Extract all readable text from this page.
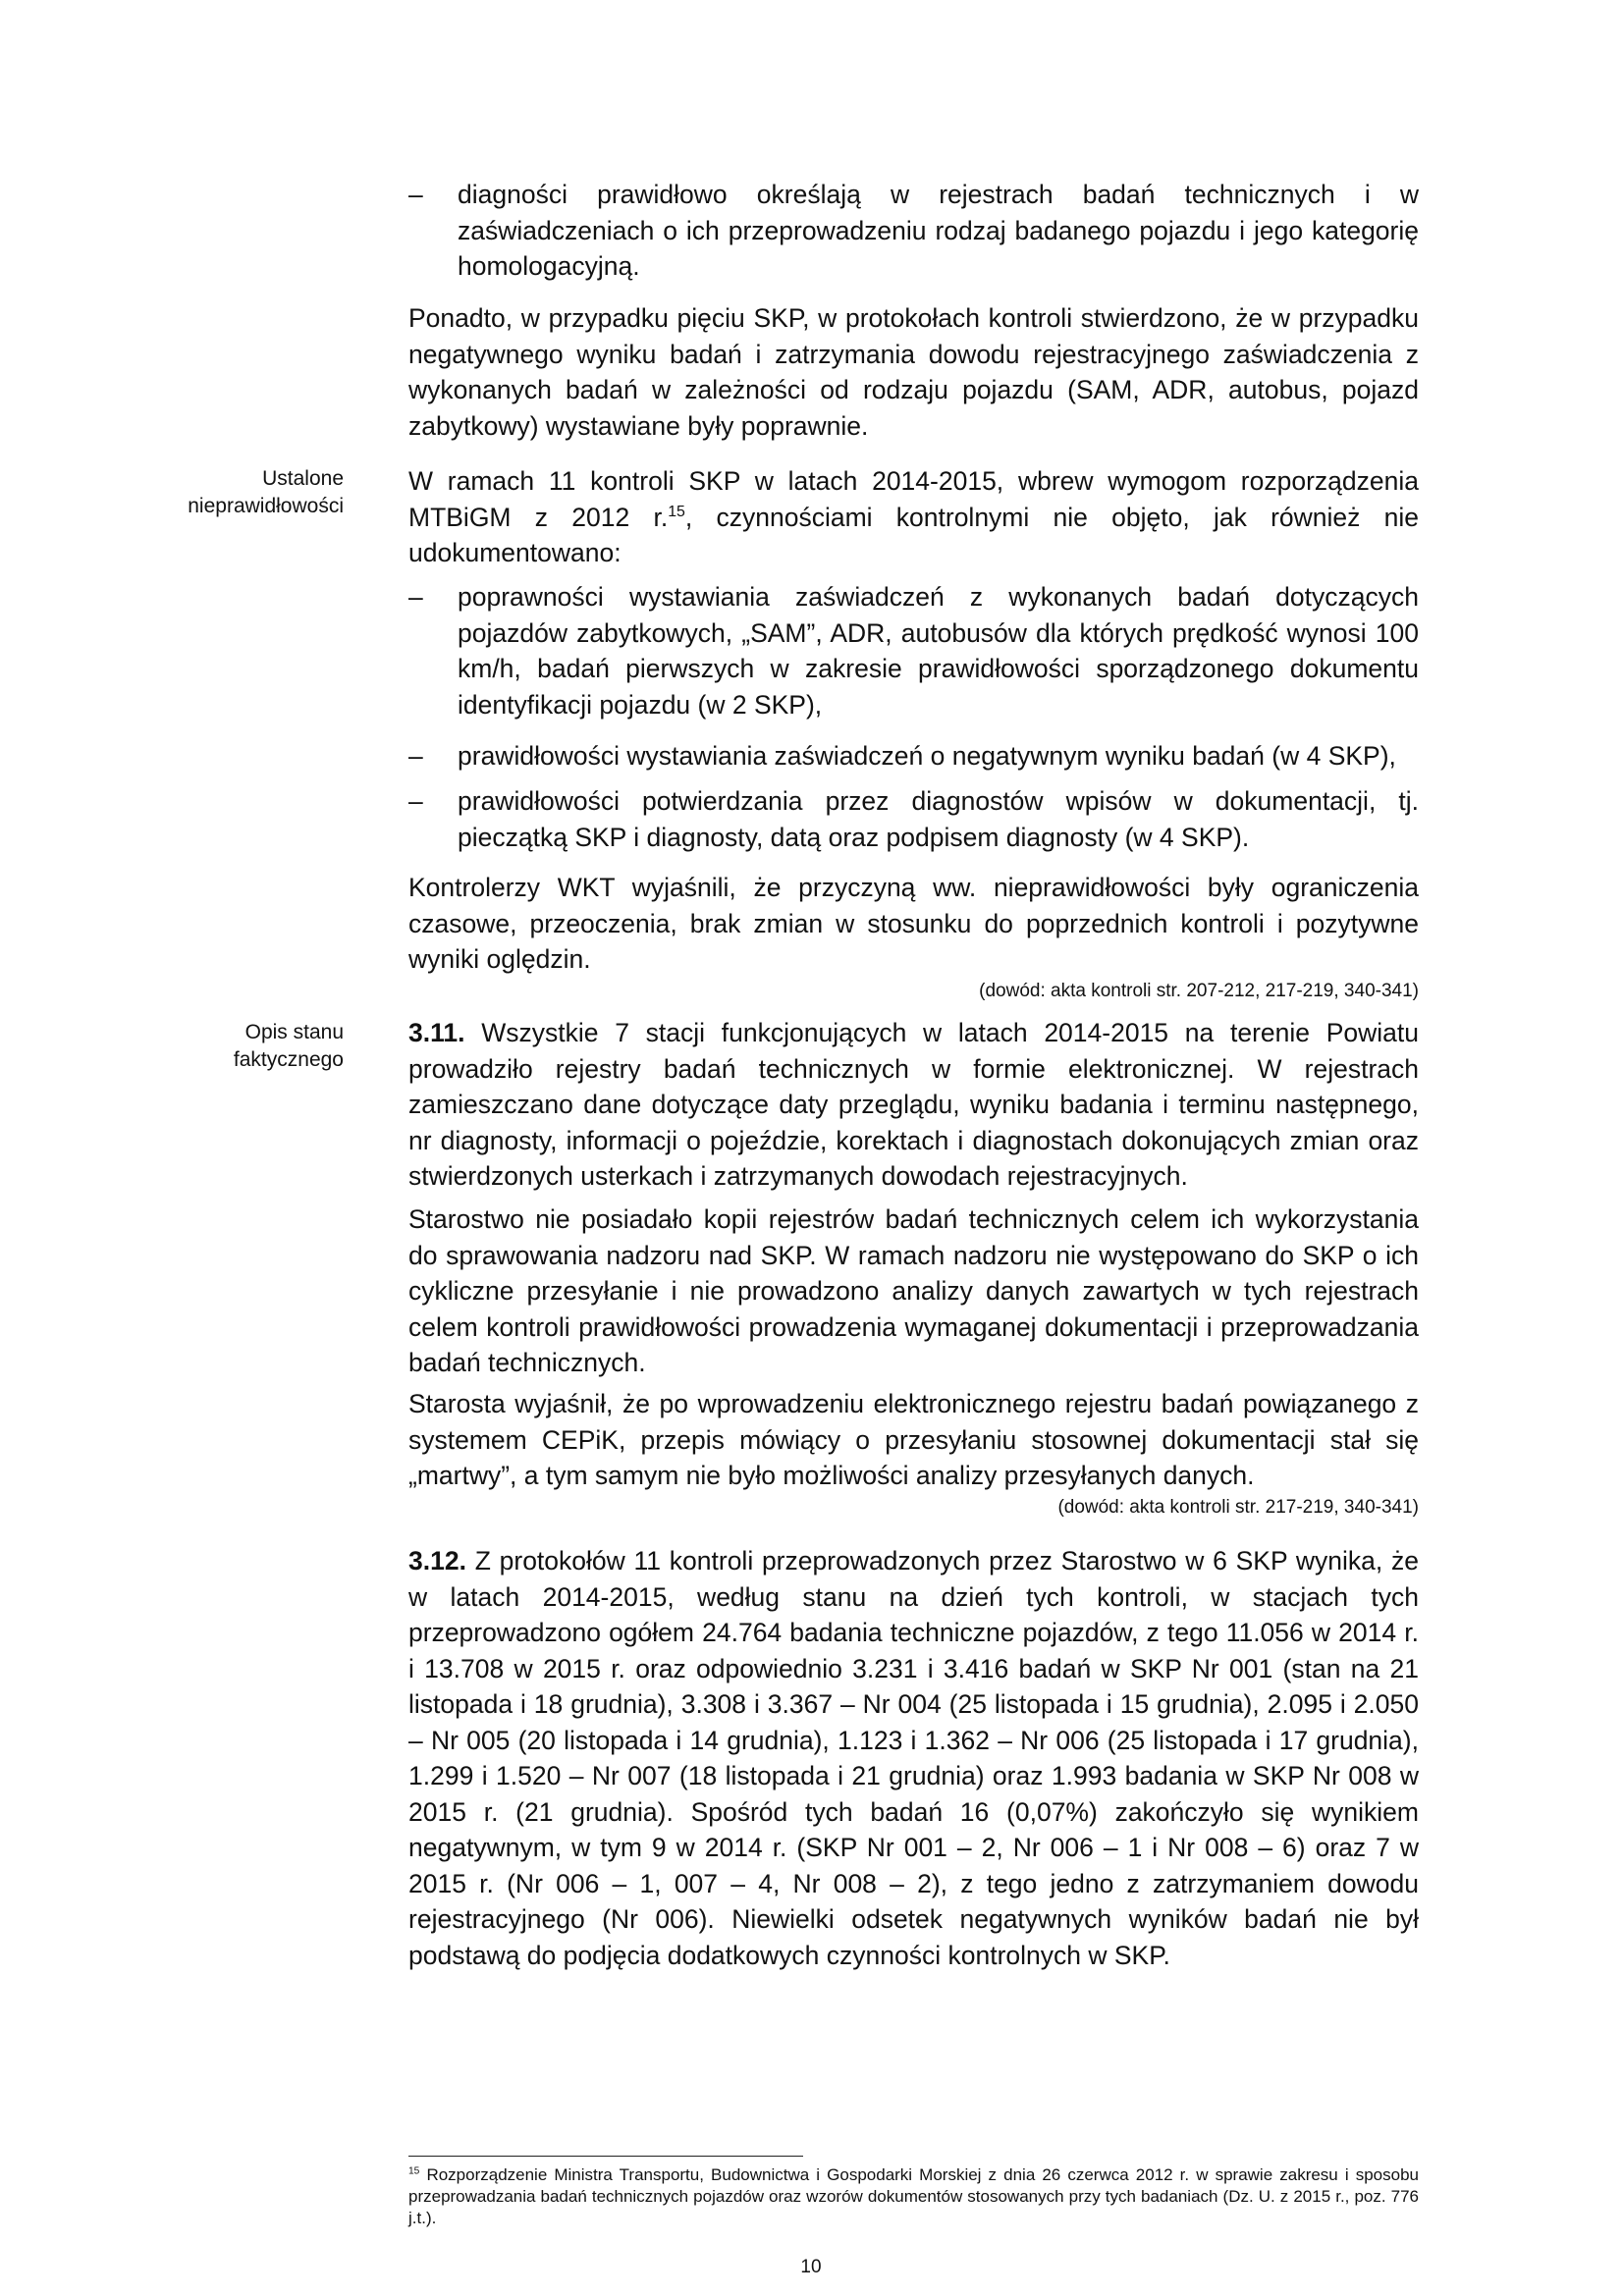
– diagności prawidłowo określają w rejestrach badań technicznych i w zaświadczeniach o ich przeprowadzeniu rodzaj badanego pojazdu i jego kategorię homologacyjną.

Ponadto, w przypadku pięciu SKP, w protokołach kontroli stwierdzono, że w przypadku negatywnego wyniku badań i zatrzymania dowodu rejestracyjnego zaświadczenia z wykonanych badań w zależności od rodzaju pojazdu (SAM, ADR, autobus, pojazd zabytkowy) wystawiane były poprawnie.

Ustalone nieprawidłowości

W ramach 11 kontroli SKP w latach 2014-2015, wbrew wymogom rozporządzenia MTBiGM z 2012 r.$^{15}$, czynnościami kontrolnymi nie objęto, jak również nie udokumentowano:

– poprawności wystawiania zaświadczeń z wykonanych badań dotyczących pojazdów zabytkowych, „SAM”, ADR, autobusów dla których prędkość wynosi 100 km/h, badań pierwszych w zakresie prawidłowości sporządzonego dokumentu identyfikacji pojazdu (w 2 SKP),

– prawidłowości wystawiania zaświadczeń o negatywnym wyniku badań (w 4 SKP),

– prawidłowości potwierdzania przez diagnostów wpisów w dokumentacji, tj. pieczątką SKP i diagnosty, datą oraz podpisem diagnosty (w 4 SKP).

Kontrolerzy WKT wyjaśnili, że przyczyną ww. nieprawidłowości były ograniczenia czasowe, przeoczenia, brak zmian w stosunku do poprzednich kontroli i pozytywne wyniki oględzin.

(dowód: akta kontroli str. 207-212, 217-219, 340-341)
Opis stanu faktycznego

3.11. Wszystkie 7 stacji funkcjonujących w latach 2014-2015 na terenie Powiatu prowadziło rejestry badań technicznych w formie elektronicznej. W rejestrach zamieszczano dane dotyczące daty przeglądu, wyniku badania i terminu następnego, nr diagnosty, informacji o pojeździe, korektach i diagnostach dokonujących zmian oraz stwierdzonych usterkach i zatrzymanych dowodach rejestracyjnych.

Starostwo nie posiadało kopii rejestrów badań technicznych celem ich wykorzystania do sprawowania nadzoru nad SKP. W ramach nadzoru nie występowano do SKP o ich cykliczne przesyłanie i nie prowadzono analizy danych zawartych w tych rejestrach celem kontroli prawidłowości prowadzenia wymaganej dokumentacji i przeprowadzania badań technicznych.

Starosta wyjaśnił, że po wprowadzeniu elektronicznego rejestru badań powiązanego z systemem CEPiK, przepis mówiący o przesyłaniu stosownej dokumentacji stał się „martwy”, a tym samym nie było możliwości analizy przesyłanych danych.

(dowód: akta kontroli str. 217-219, 340-341)

3.12. Z protokołów 11 kontroli przeprowadzonych przez Starostwo w 6 SKP wynika, że w latach 2014-2015, według stanu na dzień tych kontroli, w stacjach tych przeprowadzono ogółem 24.764 badania techniczne pojazdów, z tego 11.056 w 2014 r. i 13.708 w 2015 r. oraz odpowiednio 3.231 i 3.416 badań w SKP Nr 001 (stan na 21 listopada i 18 grudnia), 3.308 i 3.367 – Nr 004 (25 listopada i 15 grudnia), 2.095 i 2.050 – Nr 005 (20 listopada i 14 grudnia), 1.123 i 1.362 – Nr 006 (25 listopada i 17 grudnia), 1.299 i 1.520 – Nr 007 (18 listopada i 21 grudnia) oraz 1.993 badania w SKP Nr 008 w 2015 r. (21 grudnia). Spośród tych badań 16 (0,07%) zakończyło się wynikiem negatywnym, w tym 9 w 2014 r. (SKP Nr 001 – 2, Nr 006 – 1 i Nr 008 – 6) oraz 7 w 2015 r. (Nr 006 – 1, 007 – 4, Nr 008 – 2), z tego jedno z zatrzymaniem dowodu rejestracyjnego (Nr 006). Niewielki odsetek negatywnych wyników badań nie był podstawą do podjęcia dodatkowych czynności kontrolnych w SKP.

$^{15}$ Rozporządzenie Ministra Transportu, Budownictwa i Gospodarki Morskiej z dnia 26 czerwca 2012 r. w sprawie zakresu i sposobu przeprowadzania badań technicznych pojazdów oraz wzorów dokumentów stosowanych przy tych badaniach (Dz. U. z 2015 r., poz. 776 j.t.).
10
